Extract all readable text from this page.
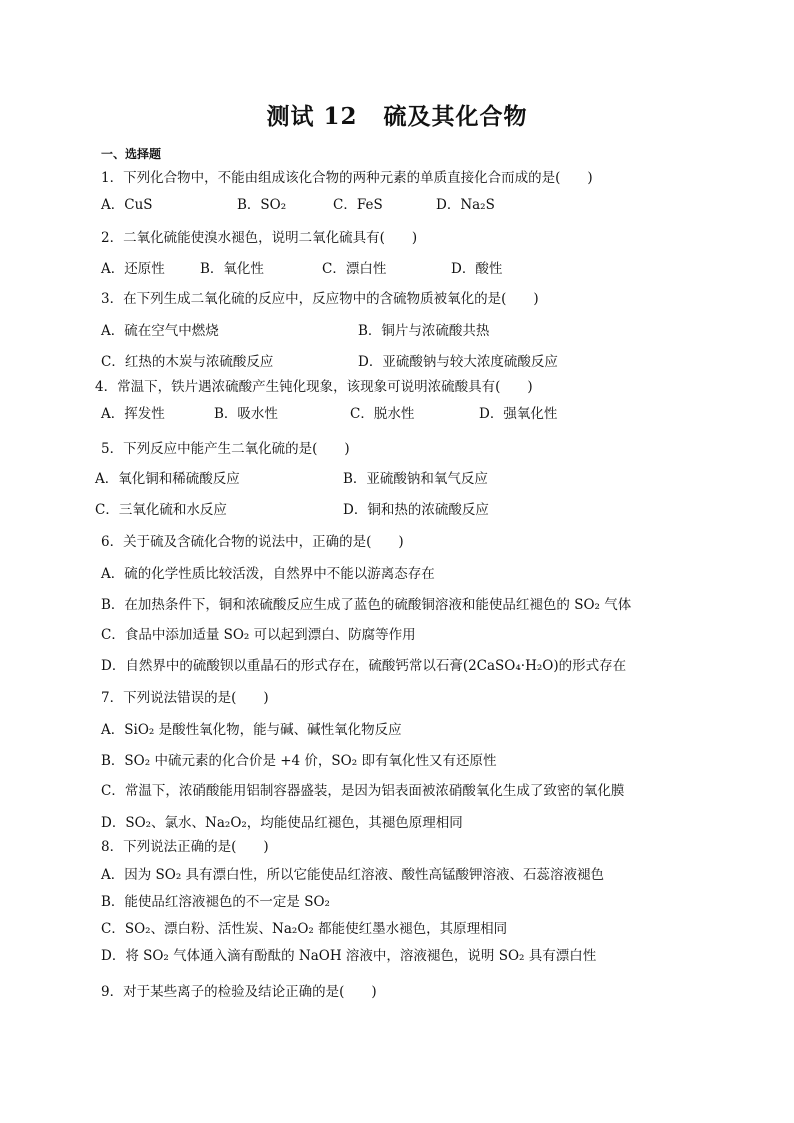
测试 12 硫及其化合物
一、选择题
1．下列化合物中，不能由组成该化合物的两种元素的单质直接化合而成的是(　　)
A．CuS	B．SO₂	C．FeS	D．Na₂S
2．二氧化硫能使溴水褪色，说明二氧化硫具有(　　)
A．还原性	B．氧化性	C．漂白性	D．酸性
3．在下列生成二氧化硫的反应中，反应物中的含硫物质被氧化的是(　　)
A．硫在空气中燃烧	B．铜片与浓硫酸共热
C．红热的木炭与浓硫酸反应	D．亚硫酸钠与较大浓度硫酸反应
4．常温下，铁片遇浓硫酸产生钝化现象，该现象可说明浓硫酸具有(　　)
A．挥发性	B．吸水性	C．脱水性	D．强氧化性
5．下列反应中能产生二氧化硫的是(　　)
A．氧化铜和稀硫酸反应	B．亚硫酸钠和氧气反应
C．三氧化硫和水反应	D．铜和热的浓硫酸反应
6．关于硫及含硫化合物的说法中，正确的是(　　)
A．硫的化学性质比较活泼，自然界中不能以游离态存在
B．在加热条件下，铜和浓硫酸反应生成了蓝色的硫酸铜溶液和能使品红褪色的 SO₂ 气体
C．食品中添加适量 SO₂ 可以起到漂白、防腐等作用
D．自然界中的硫酸钡以重晶石的形式存在，硫酸钙常以石膏(2CaSO₄·H₂O)的形式存在
7．下列说法错误的是(　　)
A．SiO₂ 是酸性氧化物，能与碱、碱性氧化物反应
B．SO₂ 中硫元素的化合价是 +4 价，SO₂ 即有氧化性又有还原性
C．常温下，浓硝酸能用铝制容器盛装，是因为铝表面被浓硝酸氧化生成了致密的氧化膜
D．SO₂、氯水、Na₂O₂，均能使品红褪色，其褪色原理相同
8．下列说法正确的是(　　)
A．因为 SO₂ 具有漂白性，所以它能使品红溶液、酸性高锰酸钾溶液、石蕊溶液褪色
B．能使品红溶液褪色的不一定是 SO₂
C．SO₂、漂白粉、活性炭、Na₂O₂ 都能使红墨水褪色，其原理相同
D．将 SO₂ 气体通入滴有酚酞的 NaOH 溶液中，溶液褪色，说明 SO₂ 具有漂白性
9．对于某些离子的检验及结论正确的是(　　)
